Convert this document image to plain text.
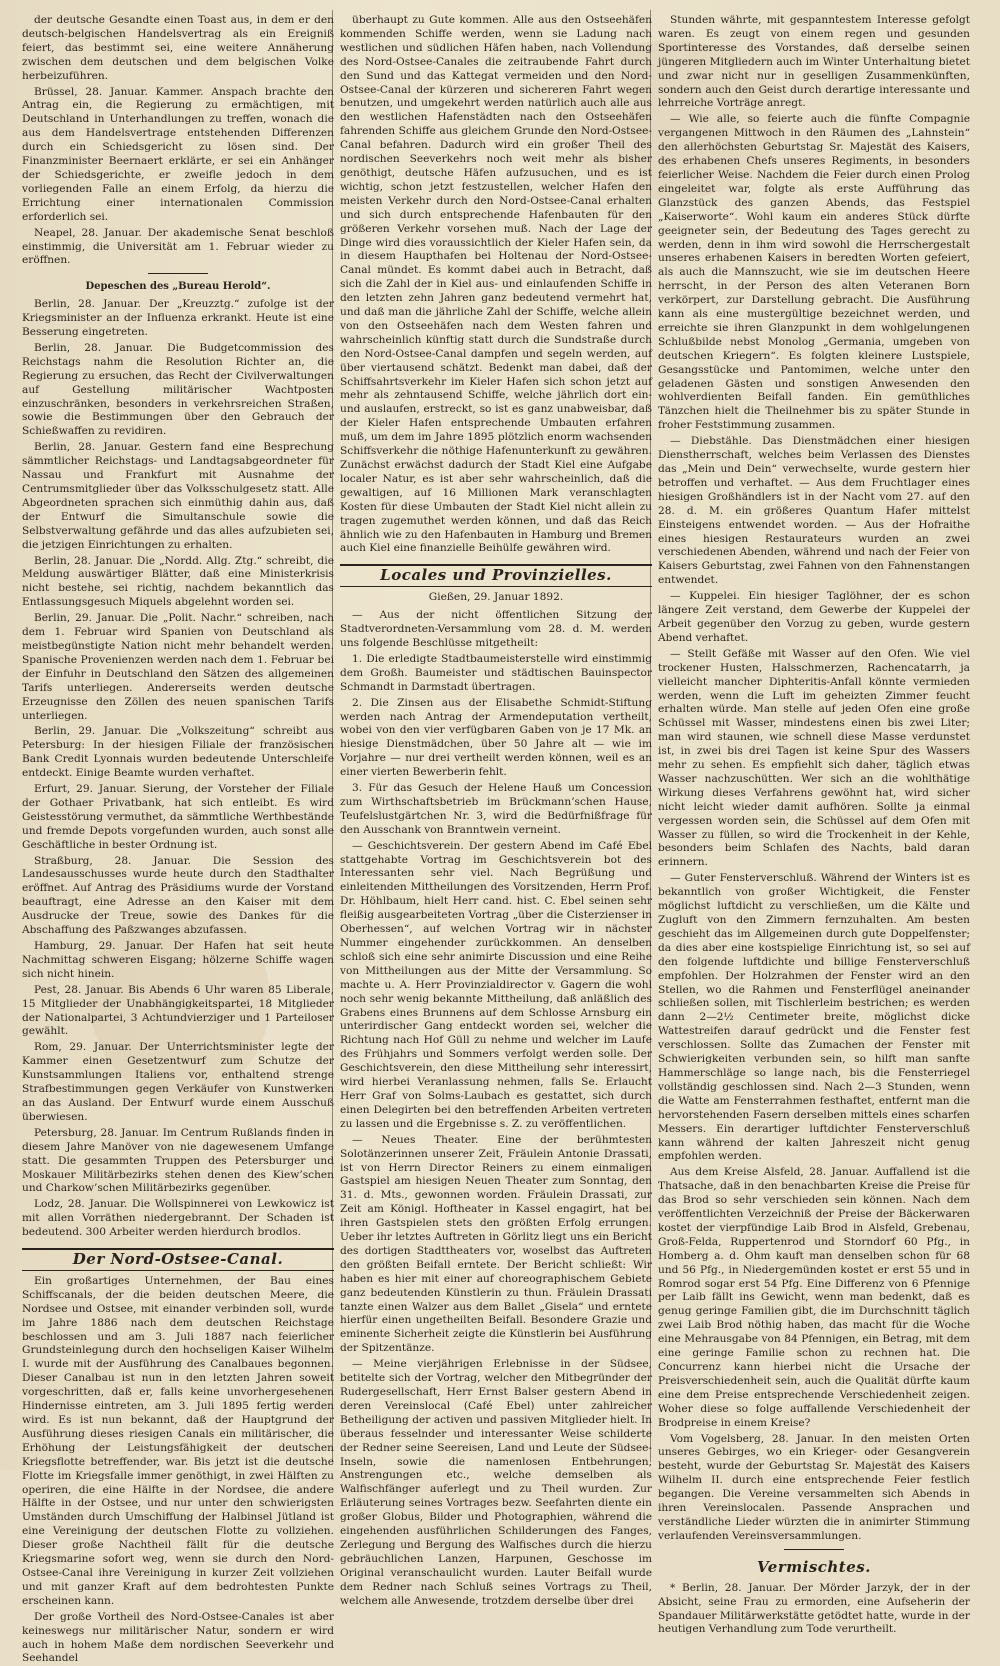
der deutsche Gesandte einen Toast aus, in dem er den deutsch-belgischen Handelsvertrag als ein Ereigniß feiert, das bestimmt sei, eine weitere Annäherung zwischen dem deutschen und dem belgischen Volke herbeizuführen.

Brüssel, 28. Januar. Kammer. Anspach brachte den Antrag ein, die Regierung zu ermächtigen, mit Deutschland in Unterhandlungen zu treffen, wonach die aus dem Handelsvertrage entstehenden Differenzen durch ein Schiedsgericht zu lösen sind. Der Finanzminister Beernaert erklärte, er sei ein Anhänger der Schiedsgerichte, er zweifle jedoch in dem vorliegenden Falle an einem Erfolg, da hierzu die Errichtung einer internationalen Commission erforderlich sei.

Neapel, 28. Januar. Der akademische Senat beschloß einstimmig, die Universität am 1. Februar wieder zu eröffnen.

Depeschen des „Bureau Herold“.

Berlin, 28. Januar. Der „Kreuzztg.“ zufolge ist der Kriegsminister an der Influenza erkrankt. Heute ist eine Besserung eingetreten.

Berlin, 28. Januar. Die Budgetcommission des Reichstags nahm die Resolution Richter an, die Regierung zu ersuchen, das Recht der Civilverwaltungen auf Gestellung militärischer Wachtposten einzuschränken, besonders in verkehrsreichen Straßen, sowie die Bestimmungen über den Gebrauch der Schießwaffen zu revidiren.

Berlin, 28. Januar. Gestern fand eine Besprechung sämmtlicher Reichstags- und Landtagsabgeordneter für Nassau und Frankfurt mit Ausnahme der Centrumsmitglieder über das Volksschulgesetz statt. Alle Abgeordneten sprachen sich einmüthig dahin aus, daß der Entwurf die Simultanschule sowie die Selbstverwaltung gefährde und das alles aufzubieten sei, die jetzigen Einrichtungen zu erhalten.

Berlin, 28. Januar. Die „Nordd. Allg. Ztg.“ schreibt, die Meldung auswärtiger Blätter, daß eine Ministerkrisis nicht bestehe, sei richtig, nachdem bekanntlich das Entlassungsgesuch Miquels abgelehnt worden sei.

Berlin, 29. Januar. Die „Polit. Nachr.“ schreiben, nach dem 1. Februar wird Spanien von Deutschland als meistbegünstigte Nation nicht mehr behandelt werden. Spanische Provenienzen werden nach dem 1. Februar bei der Einfuhr in Deutschland den Sätzen des allgemeinen Tarifs unterliegen. Andererseits werden deutsche Erzeugnisse den Zöllen des neuen spanischen Tarifs unterliegen.

Berlin, 29. Januar. Die „Volkszeitung“ schreibt aus Petersburg: In der hiesigen Filiale der französischen Bank Credit Lyonnais wurden bedeutende Unterschleife entdeckt. Einige Beamte wurden verhaftet.

Erfurt, 29. Januar. Sierung, der Vorsteher der Filiale der Gothaer Privatbank, hat sich entleibt. Es wird Geistesstörung vermuthet, da sämmtliche Werthbestände und fremde Depots vorgefunden wurden, auch sonst alle Geschäftliche in bester Ordnung ist.

Straßburg, 28. Januar. Die Session des Landesausschusses wurde heute durch den Stadthalter eröffnet. Auf Antrag des Präsidiums wurde der Vorstand beauftragt, eine Adresse an den Kaiser mit dem Ausdrucke der Treue, sowie des Dankes für die Abschaffung des Paßzwanges abzufassen.

Hamburg, 29. Januar. Der Hafen hat seit heute Nachmittag schweren Eisgang; hölzerne Schiffe wagen sich nicht hinein.

Pest, 28. Januar. Bis Abends 6 Uhr waren 85 Liberale, 15 Mitglieder der Unabhängigkeitspartei, 18 Mitglieder der Nationalpartei, 3 Achtundvierziger und 1 Parteiloser gewählt.

Rom, 29. Januar. Der Unterrichtsminister legte der Kammer einen Gesetzentwurf zum Schutze der Kunstsammlungen Italiens vor, enthaltend strenge Strafbestimmungen gegen Verkäufer von Kunstwerken an das Ausland. Der Entwurf wurde einem Ausschuß überwiesen.

Petersburg, 28. Januar. Im Centrum Rußlands finden in diesem Jahre Manöver von nie dagewesenem Umfange statt. Die gesammten Truppen des Petersburger und Moskauer Militärbezirks stehen denen des Kiew’schen und Charkow’schen Militärbezirks gegenüber.

Lodz, 28. Januar. Die Wollspinnerei von Lewkowicz ist mit allen Vorräthen niedergebrannt. Der Schaden ist bedeutend. 300 Arbeiter werden hierdurch brodlos.

Der Nord-Ostsee-Canal.

Ein großartiges Unternehmen, der Bau eines Schiffscanals, der die beiden deutschen Meere, die Nordsee und Ostsee, mit einander verbinden soll, wurde im Jahre 1886 nach dem deutschen Reichstage beschlossen und am 3. Juli 1887 nach feierlicher Grundsteinlegung durch den hochseligen Kaiser Wilhelm I. wurde mit der Ausführung des Canalbaues begonnen. Dieser Canalbau ist nun in den letzten Jahren soweit vorgeschritten, daß er, falls keine unvorhergesehenen Hindernisse eintreten, am 3. Juli 1895 fertig werden wird. Es ist nun bekannt, daß der Hauptgrund der Ausführung dieses riesigen Canals ein militärischer, die Erhöhung der Leistungsfähigkeit der deutschen Kriegsflotte betreffender, war. Bis jetzt ist die deutsche Flotte im Kriegsfalle immer genöthigt, in zwei Hälften zu operiren, die eine Hälfte in der Nordsee, die andere Hälfte in der Ostsee, und nur unter den schwierigsten Umständen durch Umschiffung der Halbinsel Jütland ist eine Vereinigung der deutschen Flotte zu vollziehen. Dieser große Nachtheil fällt für die deutsche Kriegsmarine sofort weg, wenn sie durch den Nord-Ostsee-Canal ihre Vereinigung in kurzer Zeit vollziehen und mit ganzer Kraft auf dem bedrohtesten Punkte erscheinen kann.

Der große Vortheil des Nord-Ostsee-Canales ist aber keineswegs nur militärischer Natur, sondern er wird auch in hohem Maße dem nordischen Seeverkehr und Seehandel

überhaupt zu Gute kommen. Alle aus den Ostseehäfen kommenden Schiffe werden, wenn sie Ladung nach westlichen und südlichen Häfen haben, nach Vollendung des Nord-Ostsee-Canales die zeitraubende Fahrt durch den Sund und das Kattegat vermeiden und den Nord-Ostsee-Canal der kürzeren und sichereren Fahrt wegen benutzen, und umgekehrt werden natürlich auch alle aus den westlichen Hafenstädten nach den Ostseehäfen fahrenden Schiffe aus gleichem Grunde den Nord-Ostsee-Canal befahren. Dadurch wird ein großer Theil des nordischen Seeverkehrs noch weit mehr als bisher genöthigt, deutsche Häfen aufzusuchen, und es ist wichtig, schon jetzt festzustellen, welcher Hafen den meisten Verkehr durch den Nord-Ostsee-Canal erhalten und sich durch entsprechende Hafenbauten für den größeren Verkehr vorsehen muß. Nach der Lage der Dinge wird dies voraussichtlich der Kieler Hafen sein, da in diesem Haupthafen bei Holtenau der Nord-Ostsee-Canal mündet. Es kommt dabei auch in Betracht, daß sich die Zahl der in Kiel aus- und einlaufenden Schiffe in den letzten zehn Jahren ganz bedeutend vermehrt hat, und daß man die jährliche Zahl der Schiffe, welche allein von den Ostseehäfen nach dem Westen fahren und wahrscheinlich künftig statt durch die Sundstraße durch den Nord-Ostsee-Canal dampfen und segeln werden, auf über viertausend schätzt. Bedenkt man dabei, daß der Schiffsahrtsverkehr im Kieler Hafen sich schon jetzt auf mehr als zehntausend Schiffe, welche jährlich dort ein- und auslaufen, erstreckt, so ist es ganz unabweisbar, daß der Kieler Hafen entsprechende Umbauten erfahren muß, um dem im Jahre 1895 plötzlich enorm wachsenden Schiffsverkehr die nöthige Hafenunterkunft zu gewähren. Zunächst erwächst dadurch der Stadt Kiel eine Aufgabe localer Natur, es ist aber sehr wahrscheinlich, daß die gewaltigen, auf 16 Millionen Mark veranschlagten Kosten für diese Umbauten der Stadt Kiel nicht allein zu tragen zugemuthet werden können, und daß das Reich ähnlich wie zu den Hafenbauten in Hamburg und Bremen auch Kiel eine finanzielle Beihülfe gewähren wird.

Locales und Provinzielles.
Gießen, 29. Januar 1892.

— Aus der nicht öffentlichen Sitzung der Stadtverordneten-Versammlung vom 28. d. M. werden uns folgende Beschlüsse mitgetheilt:

1. Die erledigte Stadtbaumeisterstelle wird einstimmig dem Großh. Baumeister und städtischen Bauinspector Schmandt in Darmstadt übertragen.

2. Die Zinsen aus der Elisabethe Schmidt-Stiftung werden nach Antrag der Armendeputation vertheilt, wobei von den vier verfügbaren Gaben von je 17 Mk. an hiesige Dienstmädchen, über 50 Jahre alt — wie im Vorjahre — nur drei vertheilt werden können, weil es an einer vierten Bewerberin fehlt.

3. Für das Gesuch der Helene Hauß um Concession zum Wirthschaftsbetrieb im Brückmann’schen Hause, Teufelslustgärtchen Nr. 3, wird die Bedürfnißfrage für den Ausschank von Branntwein verneint.

— Geschichtsverein. Der gestern Abend im Café Ebel stattgehabte Vortrag im Geschichtsverein bot des Interessanten sehr viel. Nach Begrüßung und einleitenden Mittheilungen des Vorsitzenden, Herrn Prof. Dr. Höhlbaum, hielt Herr cand. hist. C. Ebel seinen sehr fleißig ausgearbeiteten Vortrag „über die Cisterzienser in Oberhessen“, auf welchen Vortrag wir in nächster Nummer eingehender zurückkommen. An denselben schloß sich eine sehr animirte Discussion und eine Reihe von Mittheilungen aus der Mitte der Versammlung. So machte u. A. Herr Provinzialdirector v. Gagern die wohl noch sehr wenig bekannte Mittheilung, daß anläßlich des Grabens eines Brunnens auf dem Schlosse Arnsburg ein unterirdischer Gang entdeckt worden sei, welcher die Richtung nach Hof Güll zu nehme und welcher im Laufe des Frühjahrs und Sommers verfolgt werden solle. Der Geschichtsverein, den diese Mittheilung sehr interessirt, wird hierbei Veranlassung nehmen, falls Se. Erlaucht Herr Graf von Solms-Laubach es gestattet, sich durch einen Delegirten bei den betreffenden Arbeiten vertreten zu lassen und die Ergebnisse s. Z. zu veröffentlichen.

— Neues Theater. Eine der berühmtesten Solotänzerinnen unserer Zeit, Fräulein Antonie Drassati, ist von Herrn Director Reiners zu einem einmaligen Gastspiel am hiesigen Neuen Theater zum Sonntag, den 31. d. Mts., gewonnen worden. Fräulein Drassati, zur Zeit am Königl. Hoftheater in Kassel engagirt, hat bei ihren Gastspielen stets den größten Erfolg errungen. Ueber ihr letztes Auftreten in Görlitz liegt uns ein Bericht des dortigen Stadttheaters vor, woselbst das Auftreten den größten Beifall erntete. Der Bericht schließt: Wir haben es hier mit einer auf choreographischem Gebiete ganz bedeutenden Künstlerin zu thun. Fräulein Drassati tanzte einen Walzer aus dem Ballet „Gisela“ und erntete hierfür einen ungetheilten Beifall. Besondere Grazie und eminente Sicherheit zeigte die Künstlerin bei Ausführung der Spitzentänze.

— Meine vierjährigen Erlebnisse in der Südsee, betitelte sich der Vortrag, welcher den Mitbegründer der Rudergesellschaft, Herr Ernst Balser gestern Abend in deren Vereinslocal (Café Ebel) unter zahlreicher Betheiligung der activen und passiven Mitglieder hielt. In überaus fesselnder und interessanter Weise schilderte der Redner seine Seereisen, Land und Leute der Südsee-Inseln, sowie die namenlosen Entbehrungen, Anstrengungen etc., welche demselben als Walfischfänger auferlegt und zu Theil wurden. Zur Erläuterung seines Vortrages bezw. Seefahrten diente ein großer Globus, Bilder und Photographien, während die eingehenden ausführlichen Schilderungen des Fanges, Zerlegung und Bergung des Walfisches durch die hierzu gebräuchlichen Lanzen, Harpunen, Geschosse im Original veranschaulicht wurden. Lauter Beifall wurde dem Redner nach Schluß seines Vortrags zu Theil, welchem alle Anwesende, trotzdem derselbe über drei

Stunden währte, mit gespanntestem Interesse gefolgt waren. Es zeugt von einem regen und gesunden Sportinteresse des Vorstandes, daß derselbe seinen jüngeren Mitgliedern auch im Winter Unterhaltung bietet und zwar nicht nur in geselligen Zusammenkünften, sondern auch den Geist durch derartige interessante und lehrreiche Vorträge anregt.

— Wie alle, so feierte auch die fünfte Compagnie vergangenen Mittwoch in den Räumen des „Lahnstein“ den allerhöchsten Geburtstag Sr. Majestät des Kaisers, des erhabenen Chefs unseres Regiments, in besonders feierlicher Weise. Nachdem die Feier durch einen Prolog eingeleitet war, folgte als erste Aufführung das Glanzstück des ganzen Abends, das Festspiel „Kaiserworte“. Wohl kaum ein anderes Stück dürfte geeigneter sein, der Bedeutung des Tages gerecht zu werden, denn in ihm wird sowohl die Herrschergestalt unseres erhabenen Kaisers in beredten Worten gefeiert, als auch die Mannszucht, wie sie im deutschen Heere herrscht, in der Person des alten Veteranen Born verkörpert, zur Darstellung gebracht. Die Ausführung kann als eine mustergültige bezeichnet werden, und erreichte sie ihren Glanzpunkt in dem wohlgelungenen Schlußbilde nebst Monolog „Germania, umgeben von deutschen Kriegern“. Es folgten kleinere Lustspiele, Gesangsstücke und Pantomimen, welche unter den geladenen Gästen und sonstigen Anwesenden den wohlverdienten Beifall fanden. Ein gemüthliches Tänzchen hielt die Theilnehmer bis zu später Stunde in froher Feststimmung zusammen.

— Diebstähle. Das Dienstmädchen einer hiesigen Dienstherrschaft, welches beim Verlassen des Dienstes das „Mein und Dein“ verwechselte, wurde gestern hier betroffen und verhaftet. — Aus dem Fruchtlager eines hiesigen Großhändlers ist in der Nacht vom 27. auf den 28. d. M. ein größeres Quantum Hafer mittelst Einsteigens entwendet worden. — Aus der Hofraithe eines hiesigen Restaurateurs wurden an zwei verschiedenen Abenden, während und nach der Feier von Kaisers Geburtstag, zwei Fahnen von den Fahnenstangen entwendet.

— Kuppelei. Ein hiesiger Taglöhner, der es schon längere Zeit verstand, dem Gewerbe der Kuppelei der Arbeit gegenüber den Vorzug zu geben, wurde gestern Abend verhaftet.

— Stellt Gefäße mit Wasser auf den Ofen. Wie viel trockener Husten, Halsschmerzen, Rachencatarrh, ja vielleicht mancher Diphteritis-Anfall könnte vermieden werden, wenn die Luft im geheizten Zimmer feucht erhalten würde. Man stelle auf jeden Ofen eine große Schüssel mit Wasser, mindestens einen bis zwei Liter; man wird staunen, wie schnell diese Masse verdunstet ist, in zwei bis drei Tagen ist keine Spur des Wassers mehr zu sehen. Es empfiehlt sich daher, täglich etwas Wasser nachzuschütten. Wer sich an die wohlthätige Wirkung dieses Verfahrens gewöhnt hat, wird sicher nicht leicht wieder damit aufhören. Sollte ja einmal vergessen worden sein, die Schüssel auf dem Ofen mit Wasser zu füllen, so wird die Trockenheit in der Kehle, besonders beim Schlafen des Nachts, bald daran erinnern.

— Guter Fensterverschluß. Während der Winters ist es bekanntlich von großer Wichtigkeit, die Fenster möglichst luftdicht zu verschließen, um die Kälte und Zugluft von den Zimmern fernzuhalten. Am besten geschieht das im Allgemeinen durch gute Doppelfenster; da dies aber eine kostspielige Einrichtung ist, so sei auf den folgende luftdichte und billige Fensterverschluß empfohlen. Der Holzrahmen der Fenster wird an den Stellen, wo die Rahmen und Fensterflügel aneinander schließen sollen, mit Tischlerleim bestrichen; es werden dann 2—2½ Centimeter breite, möglichst dicke Wattestreifen darauf gedrückt und die Fenster fest verschlossen. Sollte das Zumachen der Fenster mit Schwierigkeiten verbunden sein, so hilft man sanfte Hammerschläge so lange nach, bis die Fensterriegel vollständig geschlossen sind. Nach 2—3 Stunden, wenn die Watte am Fensterrahmen festhaftet, entfernt man die hervorstehenden Fasern derselben mittels eines scharfen Messers. Ein derartiger luftdichter Fensterverschluß kann während der kalten Jahreszeit nicht genug empfohlen werden.

Aus dem Kreise Alsfeld, 28. Januar. Auffallend ist die Thatsache, daß in den benachbarten Kreise die Preise für das Brod so sehr verschieden sein können. Nach dem veröffentlichten Verzeichniß der Preise der Bäckerwaren kostet der vierpfündige Laib Brod in Alsfeld, Grebenau, Groß-Felda, Ruppertenrod und Storndorf 60 Pfg., in Homberg a. d. Ohm kauft man denselben schon für 68 und 56 Pfg., in Niedergemünden kostet er erst 55 und in Romrod sogar erst 54 Pfg. Eine Differenz von 6 Pfennige per Laib fällt ins Gewicht, wenn man bedenkt, daß es genug geringe Familien gibt, die im Durchschnitt täglich zwei Laib Brod nöthig haben, das macht für die Woche eine Mehrausgabe von 84 Pfennigen, ein Betrag, mit dem eine geringe Familie schon zu rechnen hat. Die Concurrenz kann hierbei nicht die Ursache der Preisverschiedenheit sein, auch die Qualität dürfte kaum eine dem Preise entsprechende Verschiedenheit zeigen. Woher diese so folge auffallende Verschiedenheit der Brodpreise in einem Kreise?

Vom Vogelsberg, 28. Januar. In den meisten Orten unseres Gebirges, wo ein Krieger- oder Gesangverein besteht, wurde der Geburtstag Sr. Majestät des Kaisers Wilhelm II. durch eine entsprechende Feier festlich begangen. Die Vereine versammelten sich Abends in ihren Vereinslocalen. Passende Ansprachen und verständliche Lieder würzten die in animirter Stimmung verlaufenden Vereinsversammlungen.

Vermischtes.

* Berlin, 28. Januar. Der Mörder Jarzyk, der in der Absicht, seine Frau zu ermorden, eine Aufseherin der Spandauer Militärwerkstätte getödtet hatte, wurde in der heutigen Verhandlung zum Tode verurtheilt.
